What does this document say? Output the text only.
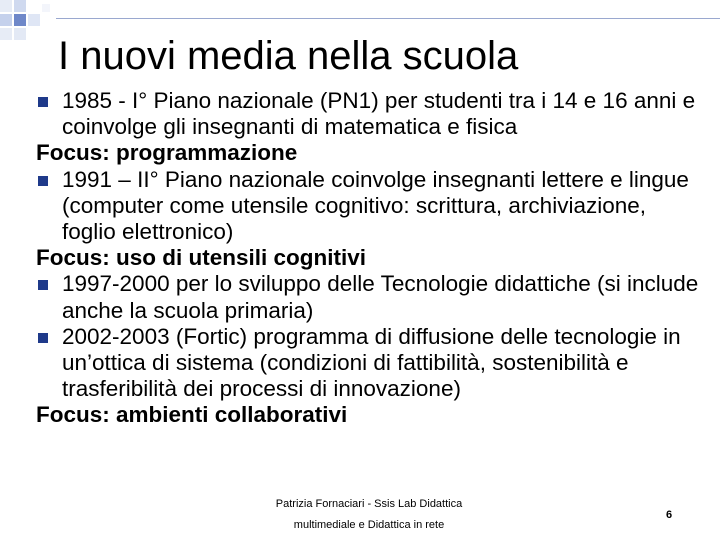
I nuovi media nella scuola
1985 - I° Piano nazionale (PN1) per studenti tra i 14 e 16 anni e coinvolge gli insegnanti di matematica e fisica
Focus: programmazione
1991 – II° Piano nazionale coinvolge insegnanti lettere e lingue (computer come utensile cognitivo: scrittura, archiviazione, foglio elettronico)
Focus: uso di utensili cognitivi
1997-2000 per lo sviluppo delle Tecnologie didattiche (si include anche la scuola primaria)
2002-2003 (Fortic) programma di diffusione delle tecnologie in un’ottica di sistema (condizioni di fattibilità, sostenibilità e trasferibilità dei processi di innovazione)
Focus: ambienti collaborativi
Patrizia Fornaciari - Ssis Lab Didattica
multimediale e Didattica in rete
6
